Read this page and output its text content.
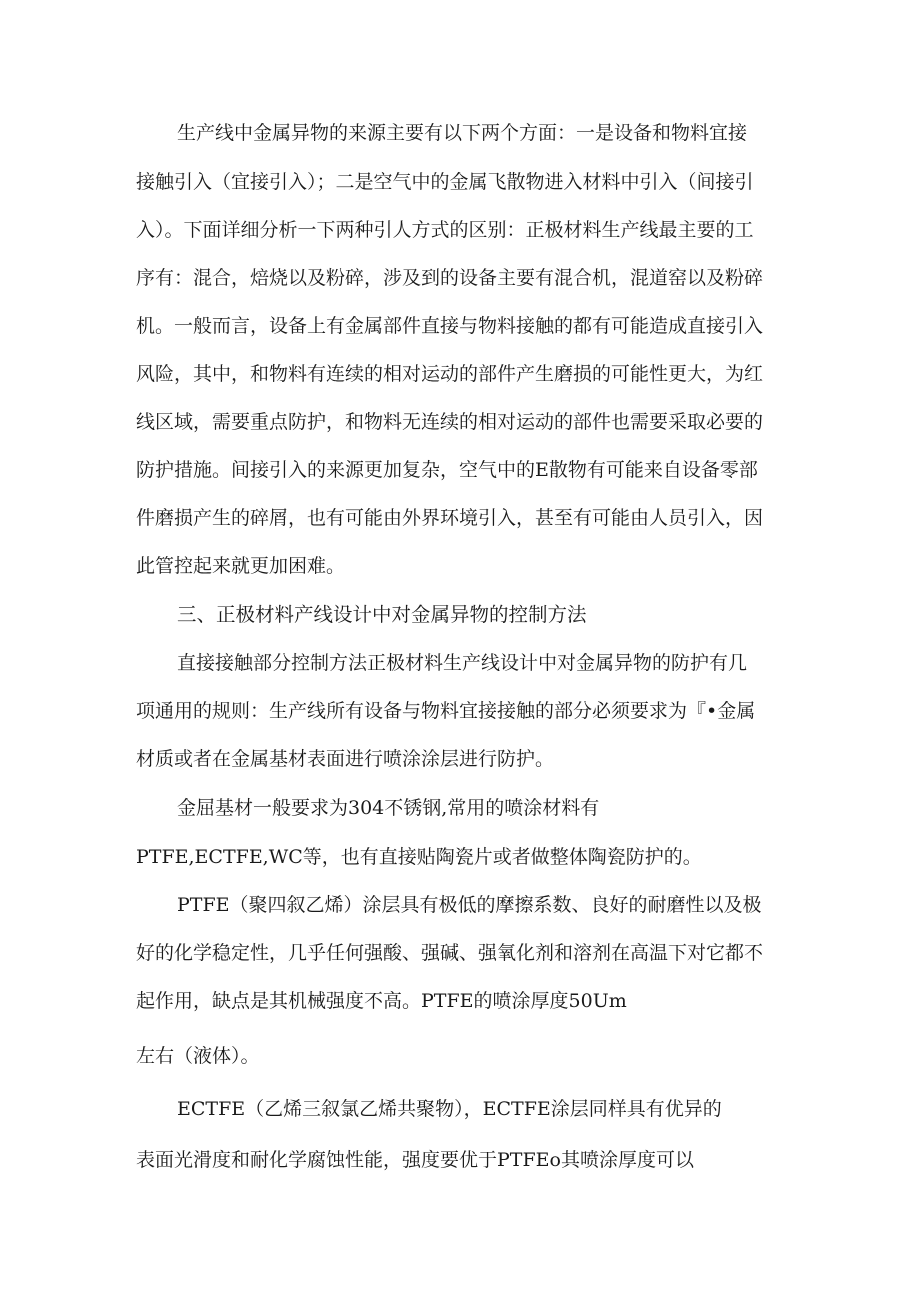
生产线中金属异物的来源主要有以下两个方面：一是设备和物料宜接
接触引入（宜接引入）；二是空气中的金属飞散物进入材料中引入（间接引
入）。下面详细分析一下两种引人方式的区别：正极材料生产线最主要的工
序有：混合，焙烧以及粉碎，涉及到的设备主要有混合机，混道窑以及粉碎
机。一般而言，设备上有金属部件直接与物料接触的都有可能造成直接引入
风险，其中，和物料有连续的相对运动的部件产生磨损的可能性更大，为红
线区域，需要重点防护，和物料无连续的相对运动的部件也需要采取必要的
防护措施。间接引入的来源更加复杂，空气中的E散物有可能来自设备零部
件磨损产生的碎屑，也有可能由外界环境引入，甚至有可能由人员引入，因
此管控起来就更加困难。
三、正极材料产线设计中对金属异物的控制方法
直接接触部分控制方法正极材料生产线设计中对金属异物的防护有几
项通用的规则：生产线所有设备与物料宜接接触的部分必须要求为『•金属
材质或者在金属基材表面进行喷涂涂层进行防护。
金屈基材一般要求为304不锈钢,常用的喷涂材料有
PTFE,ECTFE,WC等，也有直接贴陶瓷片或者做整体陶瓷防护的。
PTFE（聚四叙乙烯）涂层具有极低的摩擦系数、良好的耐磨性以及极
好的化学稳定性，几乎任何强酸、强碱、强氧化剂和溶剂在高温下对它都不
起作用，缺点是其机械强度不高。PTFE的喷涂厚度50Um
左右（液体）。
ECTFE（乙烯三叙氯乙烯共聚物），ECTFE涂层同样具有优异的
表面光滑度和耐化学腐蚀性能，强度要优于PTFEo其喷涂厚度可以
